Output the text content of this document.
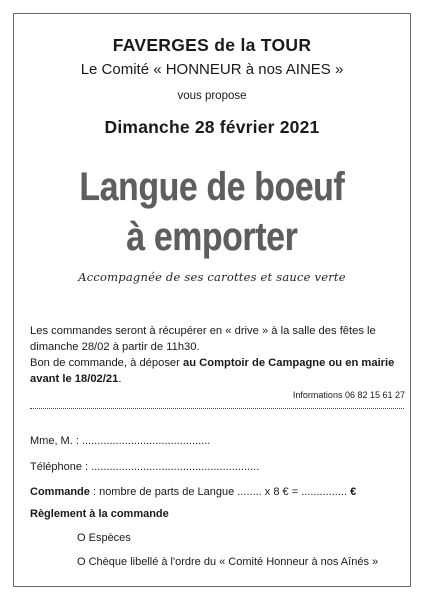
FAVERGES de la TOUR
Le Comité « HONNEUR à nos AINES »
vous propose
Dimanche 28 février 2021
Langue de boeuf
à emporter
Accompagnée de ses carottes et sauce verte
Les commandes seront à récupérer en « drive » à la salle des fêtes le
dimanche 28/02 à partir de 11h30.
Bon de commande, à déposer au Comptoir de Campagne ou en mairie
avant le 18/02/21.
Informations 06 82 15 61 27
Mme, M. : ..........................................
Téléphone : .......................................................
Commande : nombre de parts de Langue ........ x 8 € = ............... €
Règlement à la commande
O Espèces
O Chèque libellé à l'ordre du « Comité Honneur à nos Aînés »
